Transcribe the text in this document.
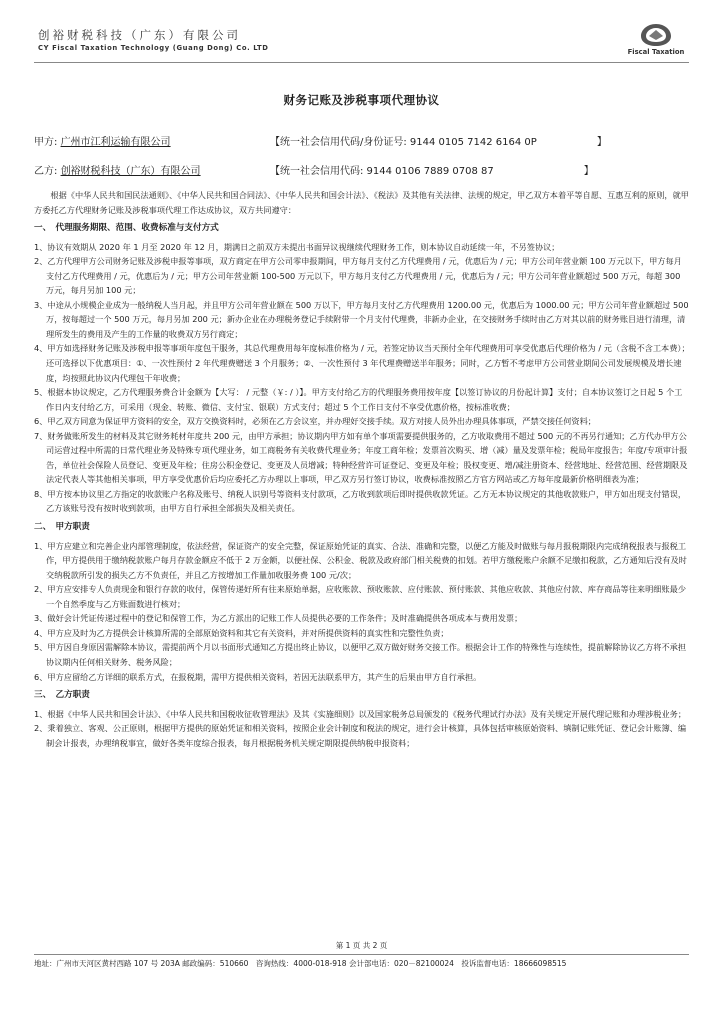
创裕财税科技（广东）有限公司
CY Fiscal Taxation Technology (Guang Dong) Co. LTD	Fiscal Taxation
财务记账及涉税事项代理协议
甲方: 广州市江利运输有限公司	【统一社会信用代码/身份证号: 9144 0105 7142 6164 0P　　　　　　】
乙方: 创裕财税科技（广东）有限公司	【统一社会信用代码: 9144 0106 7889 0708 87　　　　　　　　　】

根据《中华人民共和国民法通则》、《中华人民共和国合同法》、《中华人民共和国会计法》、《税法》及其他有关法律、法规的规定，甲乙双方本着平等自愿、互惠互利的原则，就甲方委托乙方代理财务记账及涉税事项代理工作达成协议，双方共同遵守：

一、　代理服务期限、范围、收费标准与支付方式

1、协议有效期从 2020 年 1 月至 2020 年 12 月，期满日之前双方未提出书面异议视继续代理财务工作，则本协议自动延续一年，不另签协议；

2、乙方代理甲方公司财务记账及涉税申报等事项，双方商定在甲方公司零申报期间，甲方每月支付乙方代理费用 / 元，优惠后为 / 元；甲方公司年营业额 100 万元以下，甲方每月支付乙方代理费用 / 元，优惠后为 / 元；甲方公司年营业额 100-500 万元以下，甲方每月支付乙方代理费用 / 元，优惠后为 / 元；甲方公司年营业额超过 500 万元，每超 300 万元，每月另加 100 元；

3、中途从小规模企业成为一般纳税人当月起，并且甲方公司年营业额在 500 万以下，甲方每月支付乙方代理费用 1200.00 元，优惠后为 1000.00 元；甲方公司年营业额超过 500 万，按每超过一个 500 万元，每月另加 200 元；新办企业在办理税务登记手续附带一个月支付代理费，非新办企业，在交接财务手续时由乙方对其以前的财务账目进行清理，清理所发生的费用及产生的工作量的收费双方另行商定；

4、甲方如选择财务记账及涉税申报等事项年度包干服务，其总代理费用每年度标准价格为 / 元，若签定协议当天预付全年代理费用可享受优惠后代理价格为 / 元（含税不含工本费）；还可选择以下优惠项目：①、一次性预付 2 年代理费赠送 3 个月服务；②、一次性预付 3 年代理费赠送半年服务；同时，乙方暂不考虑甲方公司营业期间公司发展规模及增长速度，均按照此协议内代理包干年收费；

5、根据本协议规定，乙方代理服务费合计金额为【大写： / 元整（￥: / ）】。甲方支付给乙方的代理服务费用按年度【以签订协议的月份起计算】支付；自本协议签订之日起 5 个工作日内支付给乙方，可采用（现金、转账、微信、支付宝、银联）方式支付；超过 5 个工作日支付不享受优惠价格，按标准收费；

6、甲乙双方同意为保证甲方资料的安全，双方交换资料时，必须在乙方会议室，并办理好交接手续。双方对接人员外出办理具体事项，严禁交接任何资料；

7、财务做账所发生的材料及其它财务耗材年度共 200 元，由甲方承担；协议期内甲方如有单个事项需要提供服务的，乙方收取费用不超过 500 元的不再另行通知；乙方代办甲方公司运营过程中所需的日常代理业务及特殊专项代理业务，如工商税务有关收费代理业务；年度工商年检；发票首次购买、增（减）量及发票年检；税局年度报告；年度/专项审计报告，单位社会保险人员登记、变更及年检；住房公积金登记、变更及人员增减；特种经营许可证登记、变更及年检；股权变更、增/减注册资本、经营地址、经营范围、经营期限及法定代表人等其他相关事项，甲方享受优惠价后均应委托乙方办理以上事项，甲乙双方另行签订协议，收费标准按照乙方官方网站或乙方每年度最新价格明细表为准；

8、甲方按本协议里乙方指定的收款账户名称及账号、纳税人识别号等资料支付款项，乙方收到款项后即时提供收款凭证。乙方无本协议规定的其他收款账户，甲方如出现支付错误，乙方该账号没有按时收到款项，由甲方自行承担全部损失及相关责任。

二、　甲方职责

1、甲方应建立和完善企业内部管理制度，依法经营，保证资产的安全完整，保证原始凭证的真实、合法、准确和完整，以便乙方能及时做账与每月报税期限内完成纳税报表与报税工作，甲方提供用于缴纳税款账户每月存款金额应不低于 2 万金额，以便社保、公积金、税款及政府部门相关税费的扣划。若甲方缴税账户余额不足缴扣税款，乙方通知后没有及时交纳税款所引发的损失乙方不负责任，并且乙方按增加工作量加收服务费 100 元/次；

2、甲方应安排专人负责现金和银行存款的收付，保管传递好所有往来原始单据，应收账款、预收账款、应付账款、预付账款、其他应收款、其他应付款、库存商品等往来明细账最少一个自然季度与乙方账面数进行核对；

3、做好会计凭证传递过程中的登记和保管工作，为乙方派出的记账工作人员提供必要的工作条件；及时准确提供各项成本与费用发票；

4、甲方应及时为乙方提供会计核算所需的全部原始资料和其它有关资料，并对所提供资料的真实性和完整性负责；

5、甲方因自身原因需解除本协议，需提前两个月以书面形式通知乙方提出终止协议，以便甲乙双方做好财务交接工作。根据会计工作的特殊性与连续性，提前解除协议乙方将不承担协议期内任何相关财务、税务风险；

6、甲方应留给乙方详细的联系方式，在报税期，需甲方提供相关资料，若因无法联系甲方，其产生的后果由甲方自行承担。

三、　乙方职责

1、根据《中华人民共和国会计法》、《中华人民共和国税收征收管理法》及其《实施细则》以及国家税务总局颁发的《税务代理试行办法》及有关规定开展代理记账和办理涉税业务；

2、秉着独立、客观、公正原则，根据甲方提供的原始凭证和相关资料，按照企业会计制度和税法的规定，进行会计核算，具体包括审核原始资料、填制记账凭证、登记会计账簿、编制会计报表，办理纳税事宜，做好各类年度综合报表，每月根据税务机关规定期限提供纳税申报资料；

第 1 页 共 2 页
地址：广州市天河区黄村西路 107 号 203A 邮政编码：510660　咨询热线：4000-018-918 会计部电话：020－82100024　投诉监督电话：18666098515
